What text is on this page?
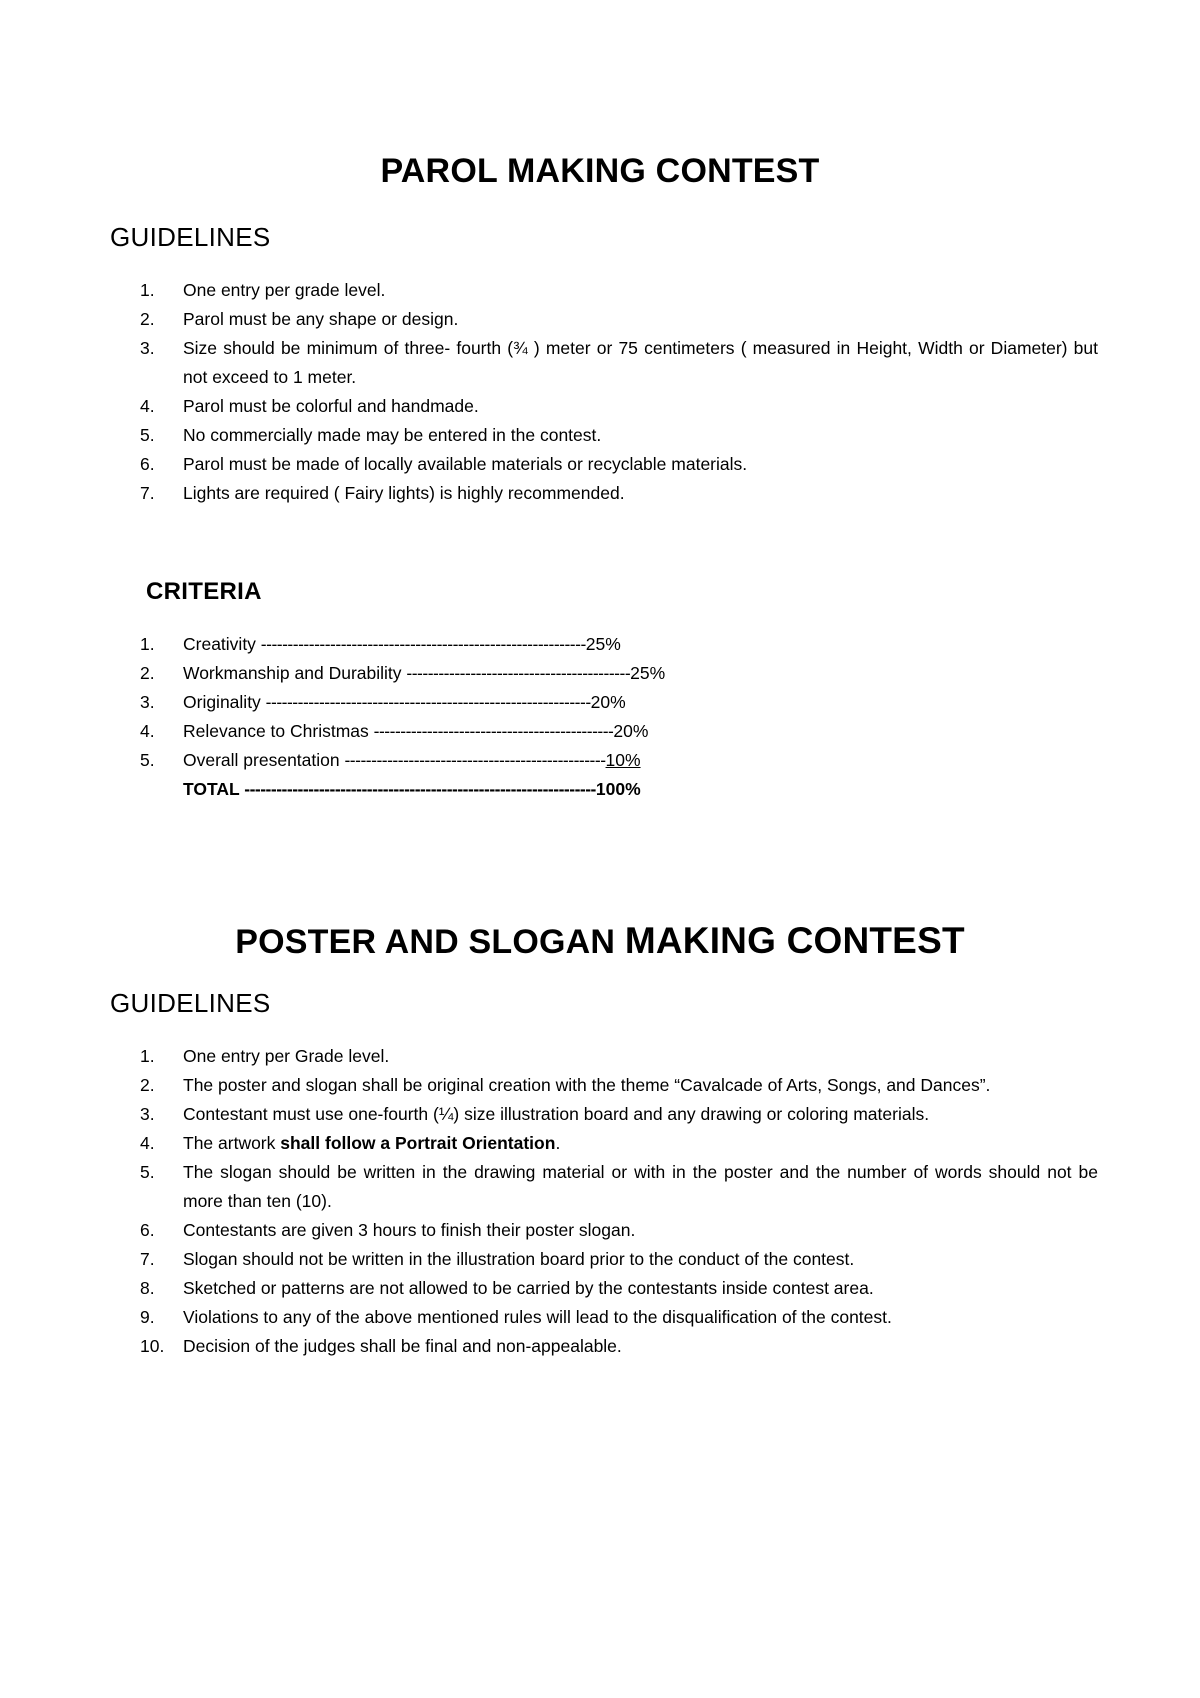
PAROL MAKING CONTEST
GUIDELINES
1. One entry per grade level.
2. Parol must be any shape or design.
3. Size should be minimum of three- fourth (¾ ) meter or 75 centimeters ( measured in Height, Width or Diameter) but not exceed to 1 meter.
4. Parol must be colorful and handmade.
5. No commercially made may be entered in the contest.
6. Parol must be made of locally available materials or recyclable materials.
7. Lights are required ( Fairy lights) is highly recommended.
CRITERIA
1. Creativity -------------------------------------------------------------25%
2. Workmanship and Durability ------------------------------------------25%
3. Originality -------------------------------------------------------------20%
4. Relevance to Christmas ---------------------------------------------20%
5. Overall presentation -------------------------------------------------10%
TOTAL ------------------------------------------------------------------100%
POSTER AND SLOGAN MAKING CONTEST
GUIDELINES
1. One entry per Grade level.
2. The poster and slogan shall be original creation with the theme “Cavalcade of Arts, Songs, and Dances”.
3. Contestant must use one-fourth (¼) size illustration board and any drawing or coloring materials.
4. The artwork shall follow a Portrait Orientation.
5. The slogan should be written in the drawing material or with in the poster and the number of words should not be more than ten (10).
6. Contestants are given 3 hours to finish their poster slogan.
7. Slogan should not be written in the illustration board prior to the conduct of the contest.
8. Sketched or patterns are not allowed to be carried by the contestants inside contest area.
9. Violations to any of the above mentioned rules will lead to the disqualification of the contest.
10. Decision of the judges shall be final and non-appealable.
